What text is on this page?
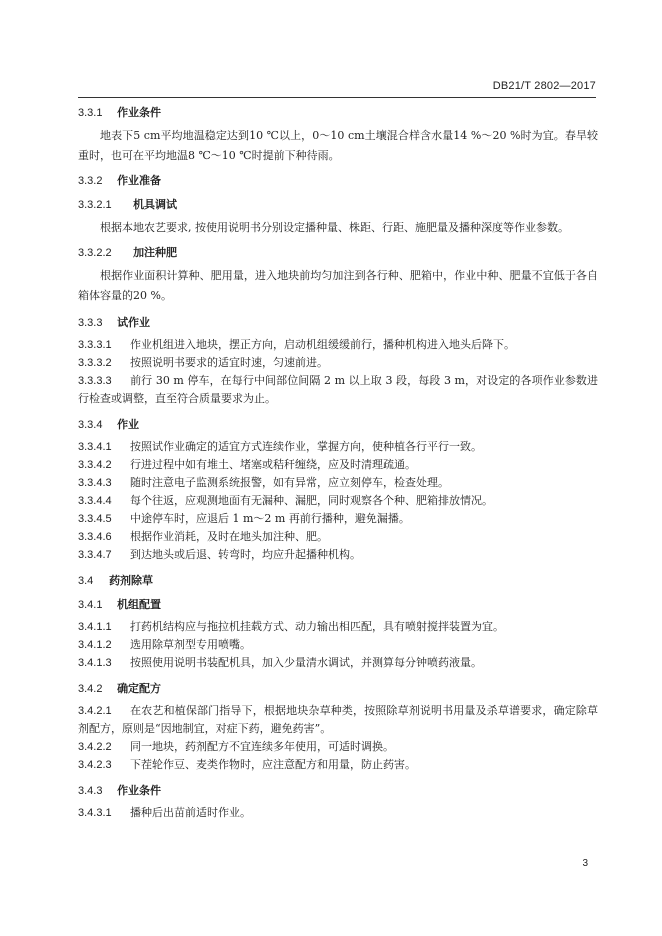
DB21/T 2802—2017

3.3.1 作业条件

地表下5 cm平均地温稳定达到10 ℃以上，0～10 cm土壤混合样含水量14 %～20 %时为宜。春旱较重时，也可在平均地温8 ℃～10 ℃时提前下种待雨。

3.3.2 作业准备

3.3.2.1 机具调试

根据本地农艺要求, 按使用说明书分别设定播种量、株距、行距、施肥量及播种深度等作业参数。

3.3.2.2 加注种肥

根据作业面积计算种、肥用量，进入地块前均匀加注到各行种、肥箱中，作业中种、肥量不宜低于各自箱体容量的20 %。

3.3.3 试作业

3.3.3.1 作业机组进入地块，摆正方向，启动机组缓缓前行，播种机构进入地头后降下。

3.3.3.2 按照说明书要求的适宜时速，匀速前进。

3.3.3.3 前行 30 m 停车，在每行中间部位间隔 2 m 以上取 3 段，每段 3 m，对设定的各项作业参数进行检查或调整，直至符合质量要求为止。

3.3.4 作业

3.3.4.1 按照试作业确定的适宜方式连续作业，掌握方向，使种植各行平行一致。

3.3.4.2 行进过程中如有堆土、堵塞或秸秆缠绕，应及时清理疏通。

3.3.4.3 随时注意电子监测系统报警，如有异常，应立刻停车，检查处理。

3.3.4.4 每个往返，应观测地面有无漏种、漏肥，同时观察各个种、肥箱排放情况。

3.3.4.5 中途停车时，应退后 1 m～2 m 再前行播种，避免漏播。

3.3.4.6 根据作业消耗，及时在地头加注种、肥。

3.3.4.7 到达地头或后退、转弯时，均应升起播种机构。

3.4 药剂除草

3.4.1 机组配置

3.4.1.1 打药机结构应与拖拉机挂载方式、动力输出相匹配，具有喷射搅拌装置为宜。

3.4.1.2 选用除草剂型专用喷嘴。

3.4.1.3 按照使用说明书装配机具，加入少量清水调试，并测算每分钟喷药液量。

3.4.2 确定配方

3.4.2.1 在农艺和植保部门指导下，根据地块杂草种类，按照除草剂说明书用量及杀草谱要求，确定除草剂配方，原则是“因地制宜，对症下药，避免药害”。

3.4.2.2 同一地块，药剂配方不宜连续多年使用，可适时调换。

3.4.2.3 下茬轮作豆、麦类作物时，应注意配方和用量，防止药害。

3.4.3 作业条件

3.4.3.1 播种后出苗前适时作业。

3
